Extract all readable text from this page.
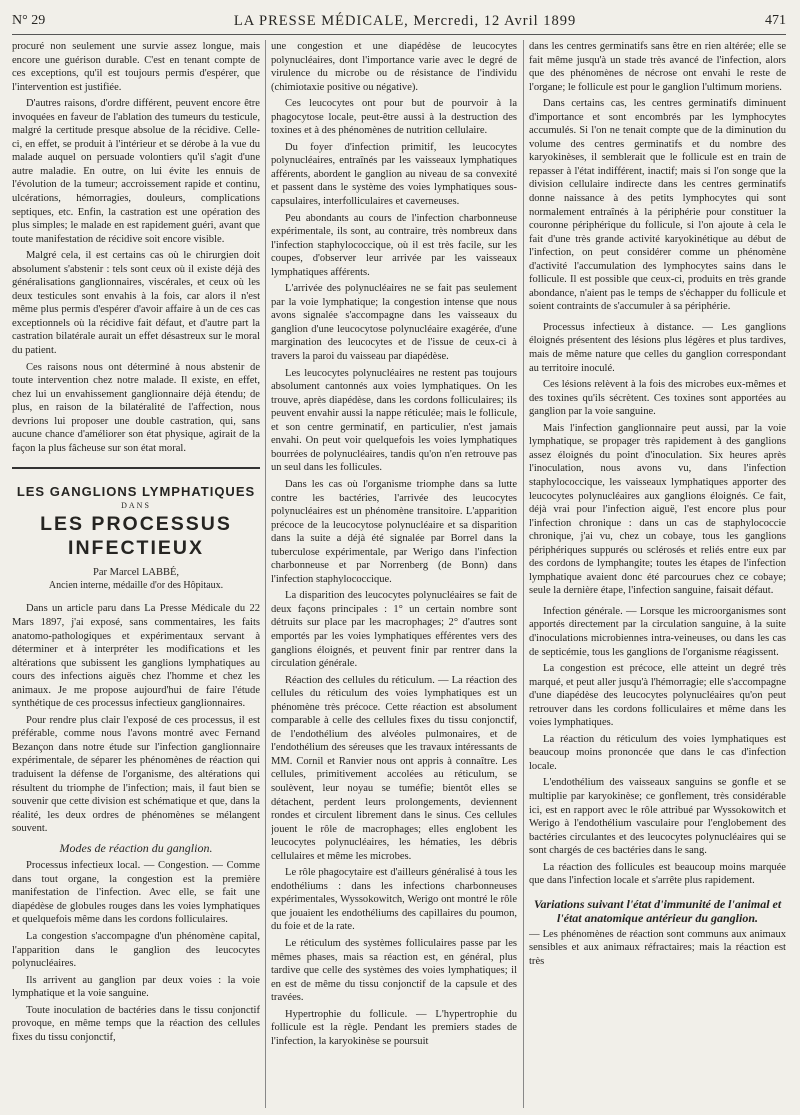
N° 29	LA PRESSE MÉDICALE, Mercredi, 12 Avril 1899	471

procuré non seulement une survie assez longue, mais encore une guérison durable. C'est en tenant compte de ces exceptions, qu'il est toujours permis d'espérer, que l'intervention est justifiée.

D'autres raisons, d'ordre différent, peuvent encore être invoquées en faveur de l'ablation des tumeurs du testicule, malgré la certitude presque absolue de la récidive. Celle-ci, en effet, se produit à l'intérieur et se dérobe à la vue du malade auquel on persuade volontiers qu'il s'agit d'une autre maladie. En outre, on lui évite les ennuis de l'évolution de la tumeur; accroissement rapide et continu, ulcérations, hémorragies, douleurs, complications septiques, etc. Enfin, la castration est une opération des plus simples; le malade en est rapidement guéri, avant que toute manifestation de récidive soit encore visible.

Malgré cela, il est certains cas où le chirurgien doit absolument s'abstenir : tels sont ceux où il existe déjà des généralisations ganglionnaires, viscérales, et ceux où les deux testicules sont envahis à la fois, car alors il n'est même plus permis d'espérer d'avoir affaire à un de ces cas exceptionnels où la récidive fait défaut, et d'autre part la castration bilatérale aurait un effet désastreux sur le moral du patient.

Ces raisons nous ont déterminé à nous abstenir de toute intervention chez notre malade. Il existe, en effet, chez lui un envahissement ganglionnaire déjà étendu; de plus, en raison de la bilatéralité de l'affection, nous devrions lui proposer une double castration, qui, sans aucune chance d'améliorer son état physique, agirait de la façon la plus fâcheuse sur son état moral.

LES GANGLIONS LYMPHATIQUES
DANS
LES PROCESSUS INFECTIEUX
Par Marcel LABBÉ,
Ancien interne, médaille d'or des Hôpitaux.

Dans un article paru dans La Presse Médicale du 22 Mars 1897, j'ai exposé, sans commentaires, les faits anatomo-pathologiques et expérimentaux servant à déterminer et à interpréter les modifications et les altérations que subissent les ganglions lymphatiques au cours des infections aiguës chez l'homme et chez les animaux. Je me propose aujourd'hui de faire l'étude synthétique de ces processus infectieux ganglionnaires.

Pour rendre plus clair l'exposé de ces processus, il est préférable, comme nous l'avons montré avec Fernand Bezançon dans notre étude sur l'infection ganglionnaire expérimentale, de séparer les phénomènes de réaction qui traduisent la défense de l'organisme, des altérations qui résultent du triomphe de l'infection; mais, il faut bien se souvenir que cette division est schématique et que, dans la réalité, les deux ordres de phénomènes se mélangent souvent.

Modes de réaction du ganglion.

Processus infectieux local. — Congestion. — Comme dans tout organe, la congestion est la première manifestation de l'infection. Avec elle, se fait une diapédèse de globules rouges dans les voies lymphatiques et quelquefois même dans les cordons folliculaires.

La congestion s'accompagne d'un phénomène capital, l'apparition dans le ganglion des leucocytes polynucléaires.

Ils arrivent au ganglion par deux voies : la voie lymphatique et la voie sanguine.

Toute inoculation de bactéries dans le tissu conjonctif provoque, en même temps que la réaction des cellules fixes du tissu conjonctif,

une congestion et une diapédèse de leucocytes polynucléaires, dont l'importance varie avec le degré de virulence du microbe ou de résistance de l'individu (chimiotaxie positive ou négative).

Ces leucocytes ont pour but de pourvoir à la phagocytose locale, peut-être aussi à la destruction des toxines et à des phénomènes de nutrition cellulaire.

Du foyer d'infection primitif, les leucocytes polynucléaires, entraînés par les vaisseaux lymphatiques afférents, abordent le ganglion au niveau de sa convexité et passent dans le système des voies lymphatiques sous-capsulaires, interfolliculaires et caverneuses.

Peu abondants au cours de l'infection charbonneuse expérimentale, ils sont, au contraire, très nombreux dans l'infection staphylococcique, où il est très facile, sur les coupes, d'observer leur arrivée par les vaisseaux lymphatiques afférents.

L'arrivée des polynucléaires ne se fait pas seulement par la voie lymphatique; la congestion intense que nous avons signalée s'accompagne dans les vaisseaux du ganglion d'une leucocytose polynucléaire exagérée, d'une margination des leucocytes et de l'issue de ceux-ci à travers la paroi du vaisseau par diapédèse.

Les leucocytes polynucléaires ne restent pas toujours absolument cantonnés aux voies lymphatiques. On les trouve, après diapédèse, dans les cordons folliculaires; ils peuvent envahir aussi la nappe réticulée; mais le follicule, et son centre germinatif, en particulier, n'est jamais envahi. On peut voir quelquefois les voies lymphatiques bourrées de polynucléaires, tandis qu'on n'en retrouve pas un seul dans les follicules.

Dans les cas où l'organisme triomphe dans sa lutte contre les bactéries, l'arrivée des leucocytes polynucléaires est un phénomène transitoire. L'apparition précoce de la leucocytose polynucléaire et sa disparition dans la suite a déjà été signalée par Borrel dans la tuberculose expérimentale, par Werigo dans l'infection charbonneuse et par Norrenberg (de Bonn) dans l'infection staphylococcique.

La disparition des leucocytes polynucléaires se fait de deux façons principales : 1° un certain nombre sont détruits sur place par les macrophages; 2° d'autres sont emportés par les voies lymphatiques efférentes vers des ganglions éloignés, et peuvent finir par rentrer dans la circulation générale.

Réaction des cellules du réticulum. — La réaction des cellules du réticulum des voies lymphatiques est un phénomène très précoce. Cette réaction est absolument comparable à celle des cellules fixes du tissu conjonctif, de l'endothélium des alvéoles pulmonaires, et de l'endothélium des séreuses que les travaux intéressants de MM. Cornil et Ranvier nous ont appris à connaître. Les cellules, primitivement accolées au réticulum, se soulèvent, leur noyau se tuméfie; bientôt elles se détachent, perdent leurs prolongements, deviennent rondes et circulent librement dans le sinus. Ces cellules jouent le rôle de macrophages; elles englobent les leucocytes polynucléaires, les hématies, les débris cellulaires et même les microbes.

Le rôle phagocytaire est d'ailleurs généralisé à tous les endothéliums : dans les infections charbonneuses expérimentales, Wyssokowitch, Werigo ont montré le rôle que jouaient les endothéliums des capillaires du poumon, du foie et de la rate.

Le réticulum des systèmes folliculaires passe par les mêmes phases, mais sa réaction est, en général, plus tardive que celle des systèmes des voies lymphatiques; il en est de même du tissu conjonctif de la capsule et des travées.

Hypertrophie du follicule. — L'hypertrophie du follicule est la règle. Pendant les premiers stades de l'infection, la karyokinèse se poursuit

dans les centres germinatifs sans être en rien altérée; elle se fait même jusqu'à un stade très avancé de l'infection, alors que des phénomènes de nécrose ont envahi le reste de l'organe; le follicule est pour le ganglion l'ultimum moriens.

Dans certains cas, les centres germinatifs diminuent d'importance et sont encombrés par les lymphocytes accumulés. Si l'on ne tenait compte que de la diminution du volume des centres germinatifs et du nombre des karyokinèses, il semblerait que le follicule est en train de repasser à l'état indifférent, inactif; mais si l'on songe que la division cellulaire indirecte dans les centres germinatifs donne naissance à des petits lymphocytes qui sont normalement entraînés à la périphérie pour constituer la couronne périphérique du follicule, si l'on ajoute à cela le fait d'une très grande activité karyokinétique au début de l'infection, on peut considérer comme un phénomène d'activité l'accumulation des lymphocytes sains dans le follicule. Il est possible que ceux-ci, produits en très grande abondance, n'aient pas le temps de s'échapper du follicule et soient contraints de s'accumuler à sa périphérie.

Processus infectieux à distance. — Les ganglions éloignés présentent des lésions plus légères et plus tardives, mais de même nature que celles du ganglion correspondant au territoire inoculé.

Ces lésions relèvent à la fois des microbes eux-mêmes et des toxines qu'ils sécrètent. Ces toxines sont apportées au ganglion par la voie sanguine.

Mais l'infection ganglionnaire peut aussi, par la voie lymphatique, se propager très rapidement à des ganglions assez éloignés du point d'inoculation. Six heures après l'inoculation, nous avons vu, dans l'infection staphylococcique, les vaisseaux lymphatiques apporter des leucocytes polynucléaires aux ganglions éloignés. Ce fait, déjà vrai pour l'infection aiguë, l'est encore plus pour l'infection chronique : dans un cas de staphylococcie chronique, j'ai vu, chez un cobaye, tous les ganglions périphériques suppurés ou sclérosés et reliés entre eux par des cordons de lymphangite; toutes les étapes de l'infection lymphatique avaient donc été parcourues chez ce cobaye; seule la dernière étape, l'infection sanguine, faisait défaut.

Infection générale. — Lorsque les microorganismes sont apportés directement par la circulation sanguine, à la suite d'inoculations microbiennes intra-veineuses, ou dans les cas de septicémie, tous les ganglions de l'organisme réagissent.

La congestion est précoce, elle atteint un degré très marqué, et peut aller jusqu'à l'hémorragie; elle s'accompagne d'une diapédèse des leucocytes polynucléaires qu'on peut retrouver dans les cordons folliculaires et même dans les voies lymphatiques.

La réaction du réticulum des voies lymphatiques est beaucoup moins prononcée que dans le cas d'infection locale.

L'endothélium des vaisseaux sanguins se gonfle et se multiplie par karyokinèse; ce gonflement, très considérable ici, est en rapport avec le rôle attribué par Wyssokowitch et Werigo à l'endothélium vasculaire pour l'englobement des bactéries circulantes et des leucocytes polynucléaires qui se sont chargés de ces bactéries dans le sang.

La réaction des follicules est beaucoup moins marquée que dans l'infection locale et s'arrête plus rapidement.

Variations suivant l'état d'immunité de l'animal et l'état anatomique antérieur du ganglion.

— Les phénomènes de réaction sont communs aux animaux sensibles et aux animaux réfractaires; mais la réaction est très
